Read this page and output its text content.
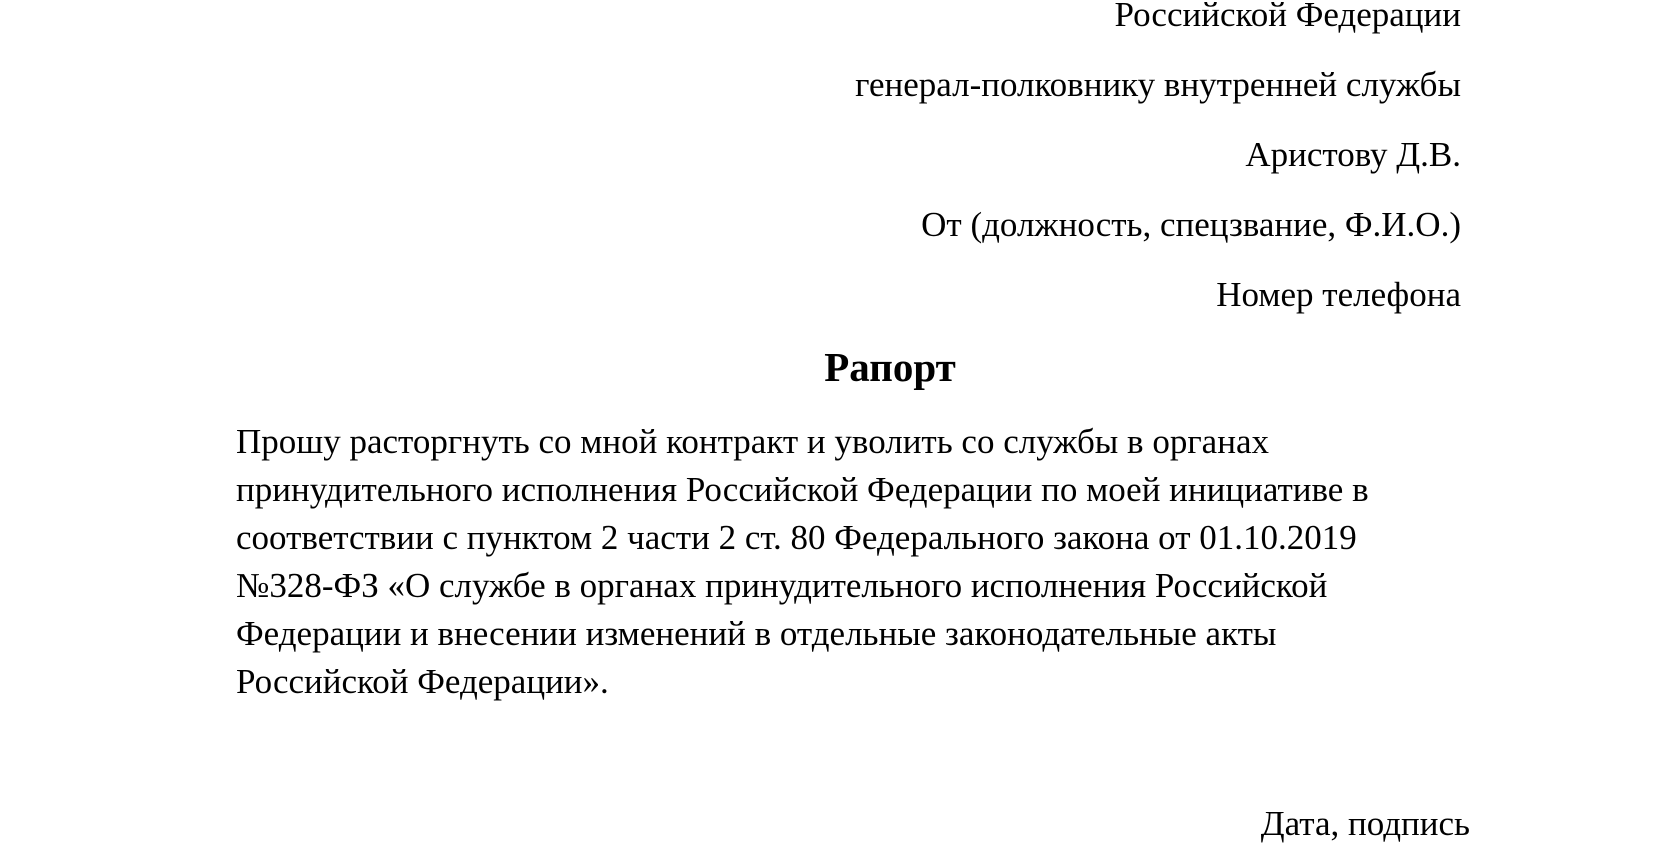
Российской Федерации
генерал-полковнику внутренней службы
Аристову Д.В.
От (должность, спецзвание, Ф.И.О.)
Номер телефона
Рапорт
Прошу расторгнуть со мной контракт и уволить со службы в органах
принудительного исполнения Российской Федерации по моей инициативе в
соответствии с пунктом 2 части 2 ст. 80 Федерального закона от 01.10.2019
№328-ФЗ «О службе в органах принудительного исполнения Российской
Федерации и внесении изменений в отдельные законодательные акты
Российской Федерации».
Дата, подпись
